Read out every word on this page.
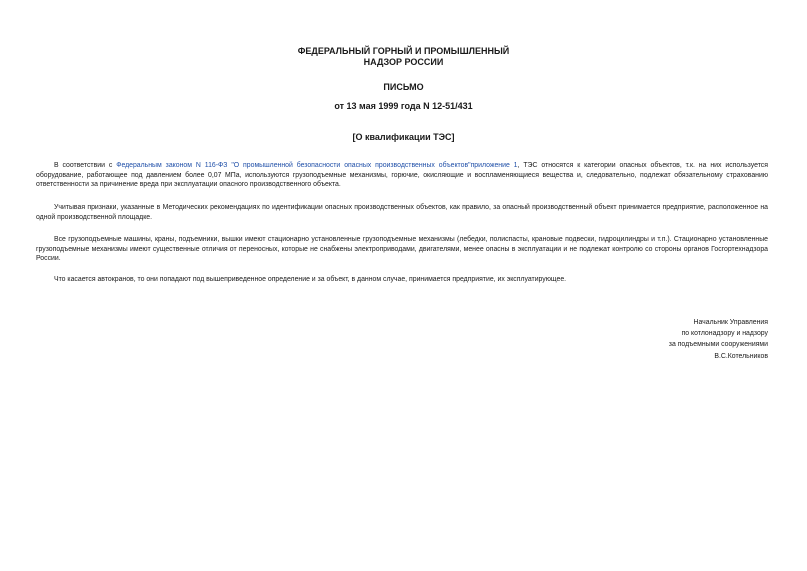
ФЕДЕРАЛЬНЫЙ ГОРНЫЙ И ПРОМЫШЛЕННЫЙ
НАДЗОР РОССИИ
ПИСЬМО
от 13 мая 1999 года N 12-51/431
[О квалификации ТЭС]

В соответствии с Федеральным законом N 116-ФЗ "О промышленной безопасности опасных производственных объектов"приложение 1, ТЭС относятся к категории опасных объектов, т.к. на них используется оборудование, работающее под давлением более 0,07 МПа, используются грузоподъемные механизмы, горючие, окисляющие и воспламеняющиеся вещества и, следовательно, подлежат обязательному страхованию ответственности за причинение вреда при эксплуатации опасного производственного объекта.

Учитывая признаки, указанные в Методических рекомендациях по идентификации опасных производственных объектов, как правило, за опасный производственный объект принимается предприятие, расположенное на одной производственной площадке.

Все грузоподъемные машины, краны, подъемники, вышки имеют стационарно установленные грузоподъемные механизмы (лебедки, полиспасты, крановые подвески, гидроцилиндры и т.п.). Стационарно установленные грузоподъемные механизмы имеют существенные отличия от переносных, которые не снабжены электроприводами, двигателями, менее опасны в эксплуатации и не подлежат контролю со стороны органов Госгортехнадзора России.

Что касается автокранов, то они попадают под вышеприведенное определение и за объект, в данном случае, принимается предприятие, их эксплуатирующее.

Начальник Управления
по котлонадзору и надзору
за подъемными сооружениями
В.С.Котельников
